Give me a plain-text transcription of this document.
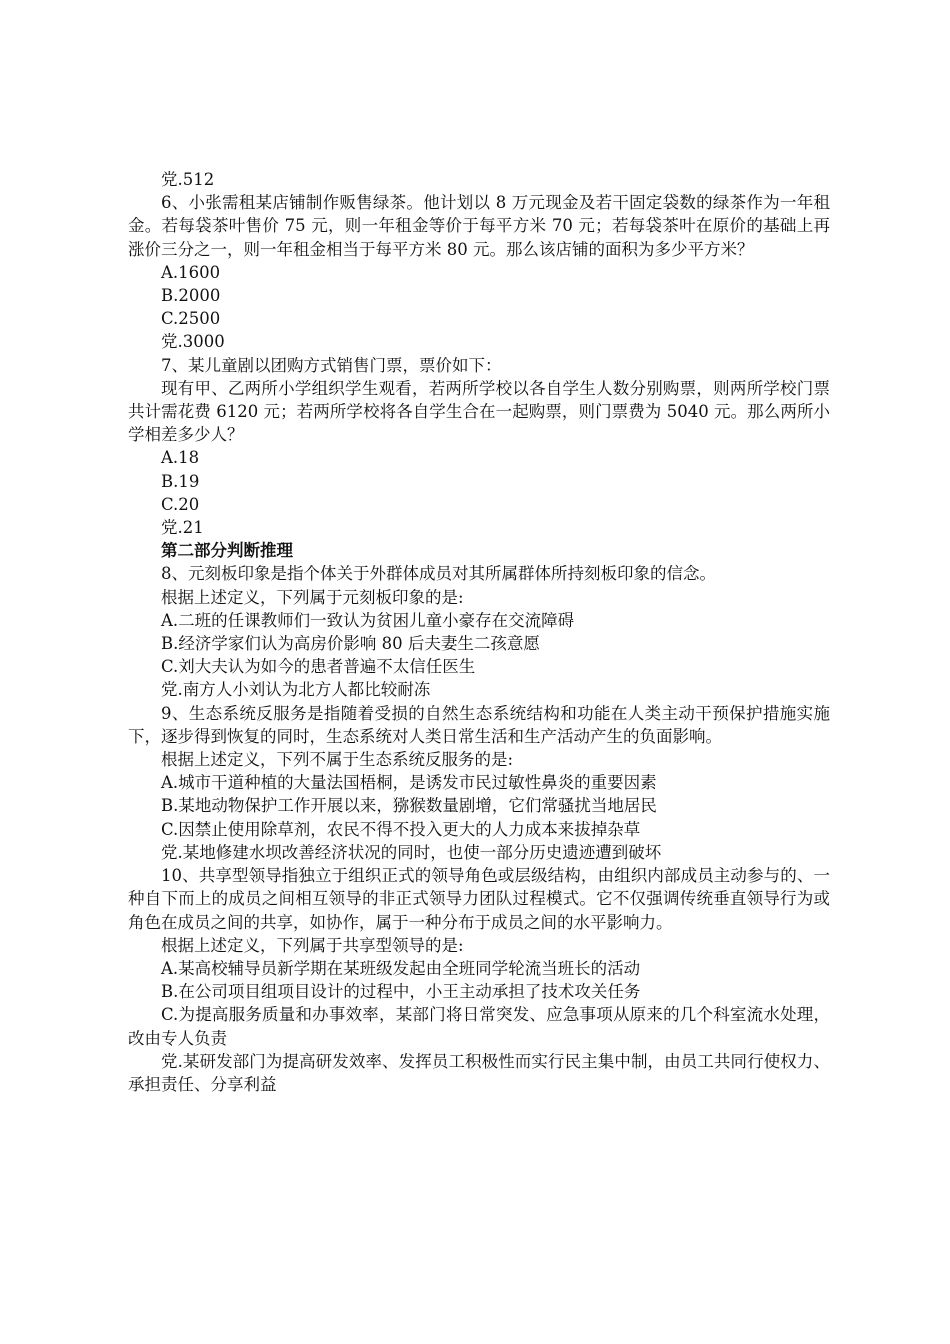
党.512

6、小张需租某店铺制作贩售绿茶。他计划以 8 万元现金及若干固定袋数的绿茶作为一年租金。若每袋茶叶售价 75 元，则一年租金等价于每平方米 70 元；若每袋茶叶在原价的基础上再涨价三分之一，则一年租金相当于每平方米 80 元。那么该店铺的面积为多少平方米？

A.1600

B.2000

C.2500

党.3000

7、某儿童剧以团购方式销售门票，票价如下：

现有甲、乙两所小学组织学生观看，若两所学校以各自学生人数分别购票，则两所学校门票共计需花费 6120 元；若两所学校将各自学生合在一起购票，则门票费为 5040 元。那么两所小学相差多少人？

A.18

B.19

C.20

党.21

第二部分判断推理

8、元刻板印象是指个体关于外群体成员对其所属群体所持刻板印象的信念。

根据上述定义，下列属于元刻板印象的是:

A.二班的任课教师们一致认为贫困儿童小豪存在交流障碍

B.经济学家们认为高房价影响 80 后夫妻生二孩意愿

C.刘大夫认为如今的患者普遍不太信任医生

党.南方人小刘认为北方人都比较耐冻

9、生态系统反服务是指随着受损的自然生态系统结构和功能在人类主动干预保护措施实施下，逐步得到恢复的同时，生态系统对人类日常生活和生产活动产生的负面影响。

根据上述定义，下列不属于生态系统反服务的是:

A.城市干道种植的大量法国梧桐，是诱发市民过敏性鼻炎的重要因素

B.某地动物保护工作开展以来，猕猴数量剧增，它们常骚扰当地居民

C.因禁止使用除草剂，农民不得不投入更大的人力成本来拔掉杂草

党.某地修建水坝改善经济状况的同时，也使一部分历史遗迹遭到破坏

10、共享型领导指独立于组织正式的领导角色或层级结构，由组织内部成员主动参与的、一种自下而上的成员之间相互领导的非正式领导力团队过程模式。它不仅强调传统垂直领导行为或角色在成员之间的共享，如协作，属于一种分布于成员之间的水平影响力。

根据上述定义，下列属于共享型领导的是:

A.某高校辅导员新学期在某班级发起由全班同学轮流当班长的活动

B.在公司项目组项目设计的过程中，小王主动承担了技术攻关任务

C.为提高服务质量和办事效率，某部门将日常突发、应急事项从原来的几个科室流水处理，改由专人负责

党.某研发部门为提高研发效率、发挥员工积极性而实行民主集中制，由员工共同行使权力、承担责任、分享利益
